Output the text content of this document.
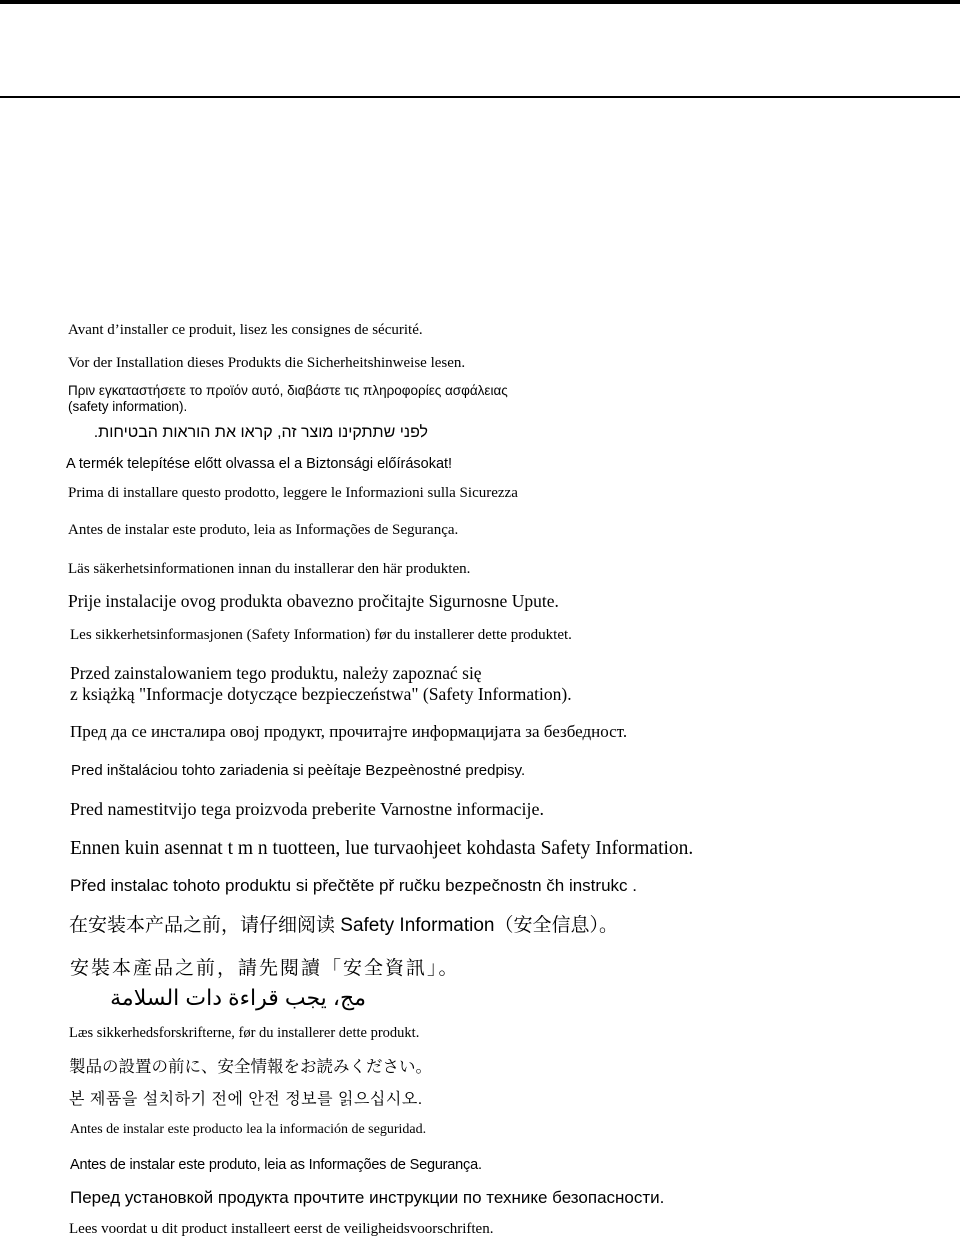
Avant d’installer ce produit, lisez les consignes de sécurité.

Vor der Installation dieses Produkts die Sicherheitshinweise lesen.

Πριν εγκαταστήσετε το προϊόν αυτό, διαβάστε τις πληροφορίες ασφάλειας

(safety information).

לפני שתתקינו מוצר זה, קראו את הוראות הבטיחות.

A termék telepítése előtt olvassa el a Biztonsági előírásokat!

Prima di installare questo prodotto, leggere le Informazioni sulla Sicurezza

Antes de instalar este produto, leia as Informações de Segurança.

Läs säkerhetsinformationen innan du installerar den här produkten.

Prije instalacije ovog produkta obavezno pročitajte Sigurnosne Upute.

Les sikkerhetsinformasjonen (Safety Information) før du installerer dette produktet.

Przed zainstalowaniem tego produktu, należy zapoznać się

z książką "Informacje dotyczące bezpieczeństwa" (Safety Information).

Пред да се инсталира овој продукт, прочитајте информацијата за безбедност.

Pred inštaláciou tohto zariadenia si peèítaje Bezpeènostné predpisy.

Pred namestitvijo tega proizvoda preberite Varnostne informacije.

Ennen kuin asennat t m n tuotteen, lue turvaohjeet kohdasta Safety Information.

Před instalac tohoto produktu si přečtěte př ručku bezpečnostn čh instrukc .

在安装本产品之前，请仔细阅读 Safety Information（安全信息）。

安裝本產品之前，請先閱讀「安全資訊」。

مج، يجب قراءة دات السلامة

Læs sikkerhedsforskrifterne, før du installerer dette produkt.

製品の設置の前に、安全情報をお読みください。

본 제품을 설치하기 전에 안전 정보를 읽으십시오.

Antes de instalar este producto lea la información de seguridad.

Antes de instalar este produto, leia as Informações de Segurança.

Перед установкой продукта прочтите инструкции по технике безопасности.

Lees voordat u dit product installeert eerst de veiligheidsvoorschriften.
